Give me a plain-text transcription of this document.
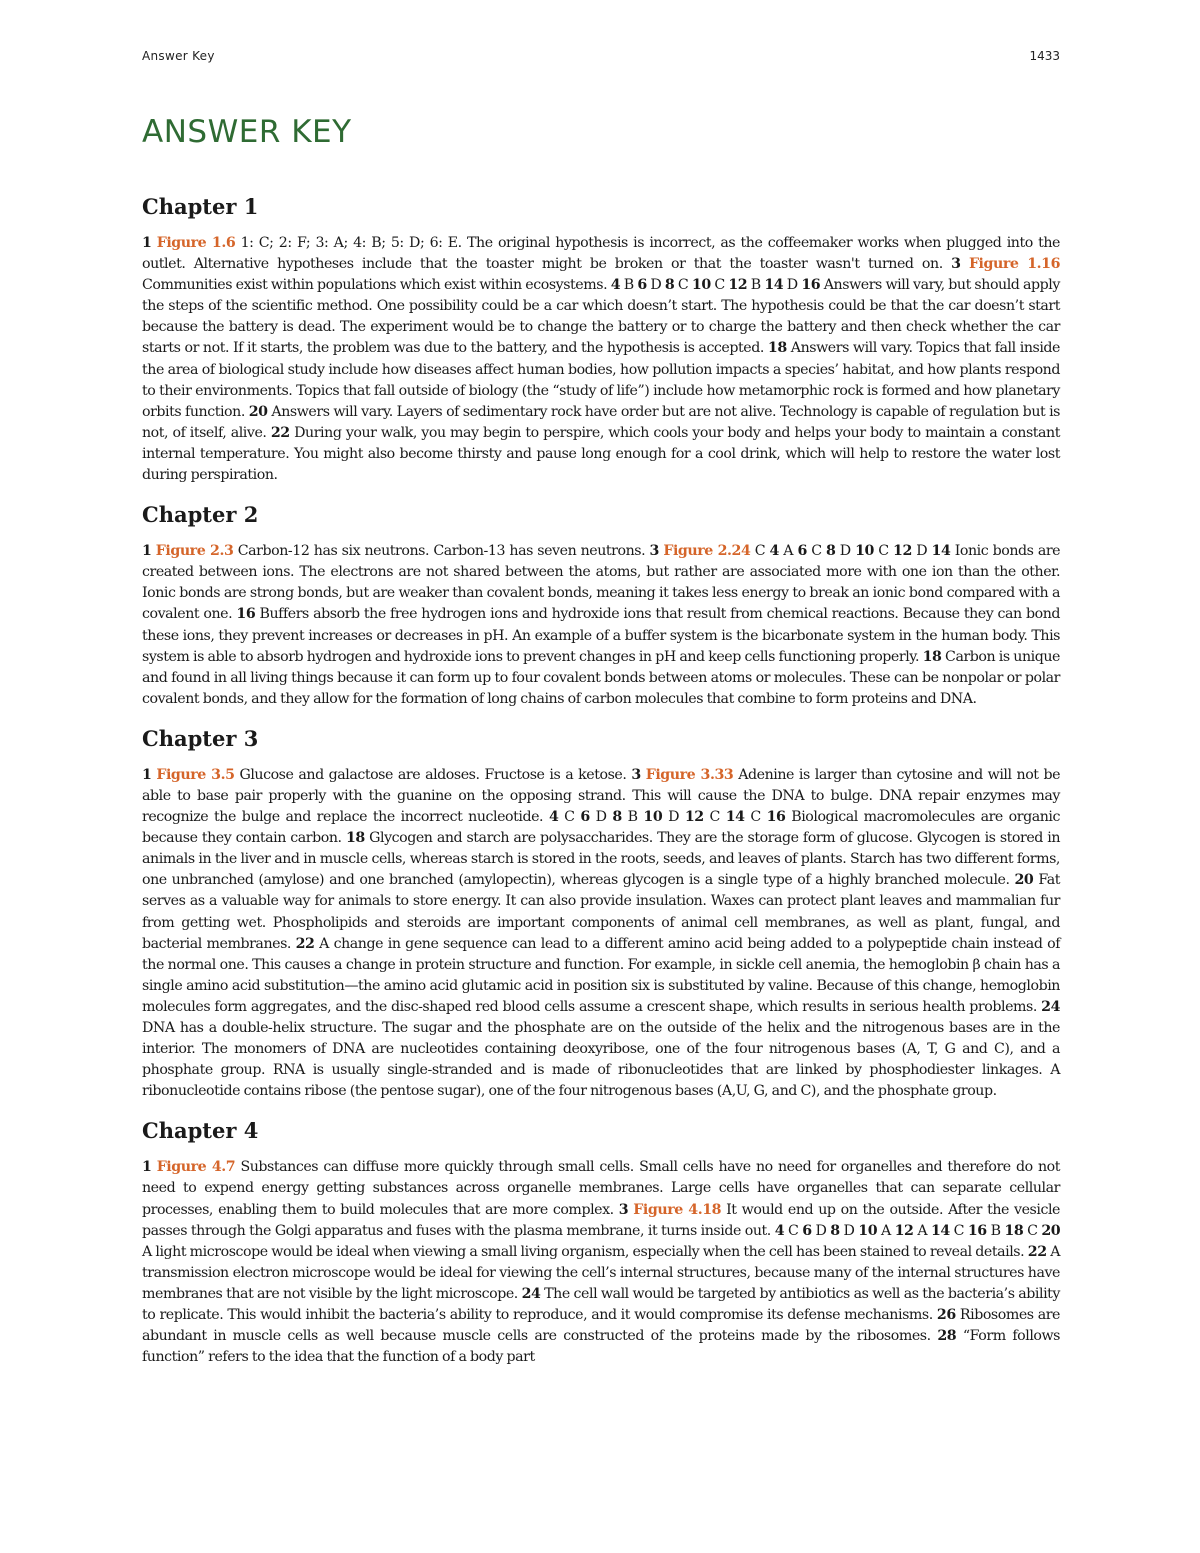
Answer Key	1433
ANSWER KEY
Chapter 1

1 Figure 1.6 1: C; 2: F; 3: A; 4: B; 5: D; 6: E. The original hypothesis is incorrect, as the coffeemaker works when plugged into the outlet. Alternative hypotheses include that the toaster might be broken or that the toaster wasn't turned on. 3 Figure 1.16 Communities exist within populations which exist within ecosystems. 4 B 6 D 8 C 10 C 12 B 14 D 16 Answers will vary, but should apply the steps of the scientific method. One possibility could be a car which doesn’t start. The hypothesis could be that the car doesn’t start because the battery is dead. The experiment would be to change the battery or to charge the battery and then check whether the car starts or not. If it starts, the problem was due to the battery, and the hypothesis is accepted. 18 Answers will vary. Topics that fall inside the area of biological study include how diseases affect human bodies, how pollution impacts a species’ habitat, and how plants respond to their environments. Topics that fall outside of biology (the “study of life”) include how metamorphic rock is formed and how planetary orbits function. 20 Answers will vary. Layers of sedimentary rock have order but are not alive. Technology is capable of regulation but is not, of itself, alive. 22 During your walk, you may begin to perspire, which cools your body and helps your body to maintain a constant internal temperature. You might also become thirsty and pause long enough for a cool drink, which will help to restore the water lost during perspiration.

Chapter 2

1 Figure 2.3 Carbon-12 has six neutrons. Carbon-13 has seven neutrons. 3 Figure 2.24 C 4 A 6 C 8 D 10 C 12 D 14 Ionic bonds are created between ions. The electrons are not shared between the atoms, but rather are associated more with one ion than the other. Ionic bonds are strong bonds, but are weaker than covalent bonds, meaning it takes less energy to break an ionic bond compared with a covalent one. 16 Buffers absorb the free hydrogen ions and hydroxide ions that result from chemical reactions. Because they can bond these ions, they prevent increases or decreases in pH. An example of a buffer system is the bicarbonate system in the human body. This system is able to absorb hydrogen and hydroxide ions to prevent changes in pH and keep cells functioning properly. 18 Carbon is unique and found in all living things because it can form up to four covalent bonds between atoms or molecules. These can be nonpolar or polar covalent bonds, and they allow for the formation of long chains of carbon molecules that combine to form proteins and DNA.

Chapter 3

1 Figure 3.5 Glucose and galactose are aldoses. Fructose is a ketose. 3 Figure 3.33 Adenine is larger than cytosine and will not be able to base pair properly with the guanine on the opposing strand. This will cause the DNA to bulge. DNA repair enzymes may recognize the bulge and replace the incorrect nucleotide. 4 C 6 D 8 B 10 D 12 C 14 C 16 Biological macromolecules are organic because they contain carbon. 18 Glycogen and starch are polysaccharides. They are the storage form of glucose. Glycogen is stored in animals in the liver and in muscle cells, whereas starch is stored in the roots, seeds, and leaves of plants. Starch has two different forms, one unbranched (amylose) and one branched (amylopectin), whereas glycogen is a single type of a highly branched molecule. 20 Fat serves as a valuable way for animals to store energy. It can also provide insulation. Waxes can protect plant leaves and mammalian fur from getting wet. Phospholipids and steroids are important components of animal cell membranes, as well as plant, fungal, and bacterial membranes. 22 A change in gene sequence can lead to a different amino acid being added to a polypeptide chain instead of the normal one. This causes a change in protein structure and function. For example, in sickle cell anemia, the hemoglobin β chain has a single amino acid substitution—the amino acid glutamic acid in position six is substituted by valine. Because of this change, hemoglobin molecules form aggregates, and the disc-shaped red blood cells assume a crescent shape, which results in serious health problems. 24 DNA has a double-helix structure. The sugar and the phosphate are on the outside of the helix and the nitrogenous bases are in the interior. The monomers of DNA are nucleotides containing deoxyribose, one of the four nitrogenous bases (A, T, G and C), and a phosphate group. RNA is usually single-stranded and is made of ribonucleotides that are linked by phosphodiester linkages. A ribonucleotide contains ribose (the pentose sugar), one of the four nitrogenous bases (A,U, G, and C), and the phosphate group.

Chapter 4

1 Figure 4.7 Substances can diffuse more quickly through small cells. Small cells have no need for organelles and therefore do not need to expend energy getting substances across organelle membranes. Large cells have organelles that can separate cellular processes, enabling them to build molecules that are more complex. 3 Figure 4.18 It would end up on the outside. After the vesicle passes through the Golgi apparatus and fuses with the plasma membrane, it turns inside out. 4 C 6 D 8 D 10 A 12 A 14 C 16 B 18 C 20 A light microscope would be ideal when viewing a small living organism, especially when the cell has been stained to reveal details. 22 A transmission electron microscope would be ideal for viewing the cell’s internal structures, because many of the internal structures have membranes that are not visible by the light microscope. 24 The cell wall would be targeted by antibiotics as well as the bacteria’s ability to replicate. This would inhibit the bacteria’s ability to reproduce, and it would compromise its defense mechanisms. 26 Ribosomes are abundant in muscle cells as well because muscle cells are constructed of the proteins made by the ribosomes. 28 “Form follows function” refers to the idea that the function of a body part
